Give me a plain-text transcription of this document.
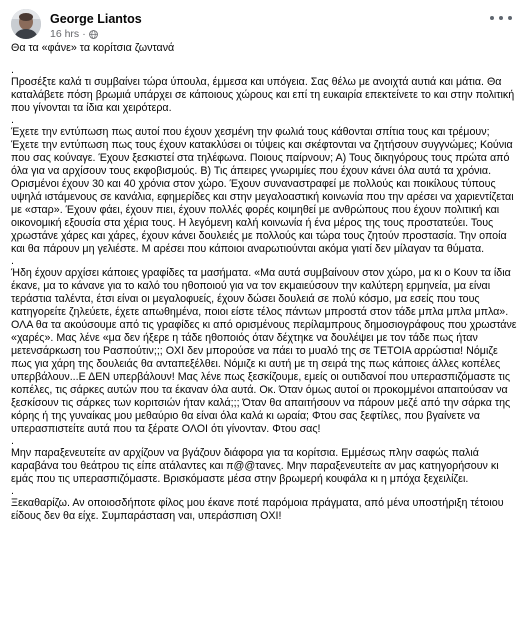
George Liantos
16 hrs ·

Θα τα «φάνε» τα κορίτσια ζωντανά

.

Προσέξτε καλά τι συμβαίνει τώρα ύπουλα, έμμεσα και υπόγεια. Σας θέλω με ανοιχτά αυτιά και μάτια. Θα καταλάβετε πόση βρωμιά υπάρχει σε κάποιους χώρους και επί τη ευκαιρία επεκτείνετε το και στην πολιτική που γίνονται τα ίδια και χειρότερα.

.

Έχετε την εντύπωση πως αυτοί που έχουν χεσμένη την φωλιά τους κάθονται σπίτια τους και τρέμουν; Έχετε την εντύπωση πως τους έχουν κατακλύσει οι τύψεις και σκέφτονται να ζητήσουν συγγνώμες; Κούνια που σας κούναγε. Έχουν ξεσκιστεί στα τηλέφωνα. Ποιους παίρνουν; Α) Τους δικηγόρους τους πρώτα από όλα για να αρχίσουν τους εκφοβισμούς. Β) Τις άπειρες γνωριμίες που έχουν κάνει όλα αυτά τα χρόνια. Ορισμένοι έχουν 30 και 40 χρόνια στον χώρο. Έχουν συναναστραφεί με πολλούς και ποικίλους τύπους υψηλά ιστάμενους σε κανάλια, εφημερίδες και στην μεγαλοαστική κοινωνία που την αρέσει να χαριεντίζεται με «σταρ». Έχουν φάει, έχουν πιει, έχουν πολλές φορές κοιμηθεί με ανθρώπους που έχουν πολιτική και οικονομική εξουσία στα χέρια τους. Η λεγόμενη καλή κοινωνία ή ένα μέρος της τους προστατεύει. Τους χρωστάνε χάρες και χάρες, έχουν κάνει δουλειές με πολλούς και τώρα τους ζητούν προστασία. Την οποία και θα πάρουν μη γελιέστε. Μ αρέσει που κάποιοι αναρωτιούνται ακόμα γιατί δεν μίλαγαν τα θύματα.

.

Ήδη έχουν αρχίσει κάποιες γραφίδες τα μασήματα. «Μα αυτά συμβαίνουν στον χώρο, μα κι ο Κουν τα ίδια έκανε, μα το κάνανε για το καλό του ηθοποιού για να τον εκμαιεύσουν την καλύτερη ερμηνεία, μα είναι τεράστια ταλέντα, έτσι είναι οι μεγαλοφυείς, έχουν δώσει δουλειά σε πολύ κόσμο, μα εσείς που τους κατηγορείτε ζηλεύετε, έχετε απωθημένα, ποιοι είστε τέλος πάντων μπροστά στον τάδε μπλα μπλα μπλα». ΟΛΑ θα τα ακούσουμε από τις γραφίδες κι από ορισμένους περίλαμπρους δημοσιογράφους που χρωστάνε «χαρές». Μας λένε «μα δεν ήξερε η τάδε ηθοποιός όταν δέχτηκε να δουλέψει με τον τάδε πως ήταν μετενσάρκωση του Ρασπούτιν;;; ΟΧΙ δεν μπορούσε να πάει το μυαλό της σε ΤΕΤΟΙΑ αρρώστια! Νόμιζε πως για χάρη της δουλειάς θα ανταπεξέλθει. Νόμιζε κι αυτή με τη σειρά της πως κάποιες άλλες κοπέλες υπερβάλουν...Ε ΔΕΝ υπερβάλουν! Μας λένε πως ξεσκίζουμε, εμείς οι ουτιδανοί που υπερασπιζόμαστε τις κοπέλες, τις σάρκες αυτών που τα έκαναν όλα αυτά. Οκ. Όταν όμως αυτοί οι προκομμένοι απαιτούσαν να ξεσκίσουν τις σάρκες των κοριτσιών ήταν καλά;;; Όταν θα απαιτήσουν να πάρουν μεζέ από την σάρκα της κόρης ή της γυναίκας μου μεθαύριο θα είναι όλα καλά κι ωραία; Φτου σας ξεφτίλες, που βγαίνετε να υπερασπιστείτε αυτά που τα ξέρατε ΟΛΟΙ ότι γίνονταν. Φτου σας!

.

Μην παραξενευτείτε αν αρχίζουν να βγάζουν διάφορα για τα κορίτσια. Εμμέσως πλην σαφώς παλιά καραβάνα του θεάτρου τις είπε ατάλαντες και π@@τανες. Μην παραξενευτείτε αν μας κατηγορήσουν κι εμάς που τις υπερασπιζόμαστε. Βρισκόμαστε μέσα στην βρωμερή κουφάλα κι η μπόχα ξεχειλίζει.

.

Ξεκαθαρίζω. Αν οποιοσδήποτε φίλος μου έκανε ποτέ παρόμοια πράγματα, από μένα υποστήριξη τέτοιου είδους δεν θα είχε. Συμπαράσταση ναι, υπεράσπιση ΟΧΙ!
